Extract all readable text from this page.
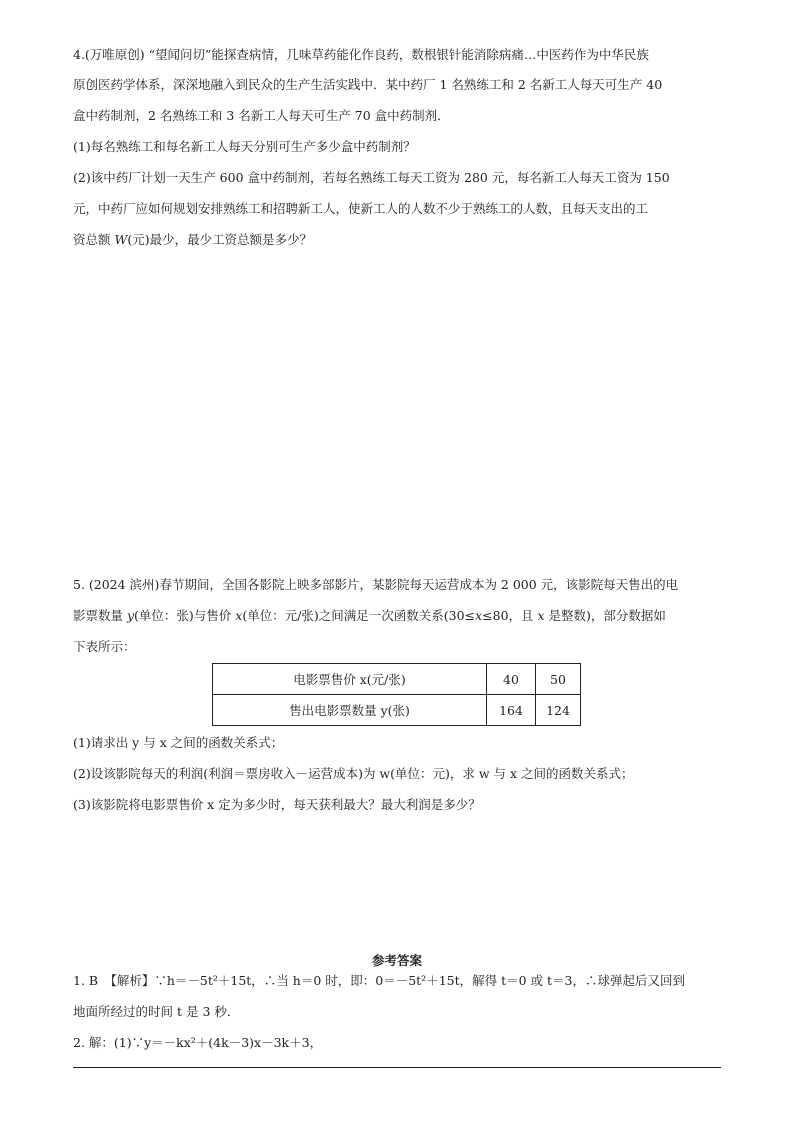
4.(万唯原创) “望闻问切”能探查病情，几味草药能化作良药，数根银针能消除病痛…中医药作为中华民族
原创医药学体系，深深地融入到民众的生产生活实践中．某中药厂 1 名熟练工和 2 名新工人每天可生产 40
盒中药制剂，2 名熟练工和 3 名新工人每天可生产 70 盒中药制剂．
(1)每名熟练工和每名新工人每天分别可生产多少盒中药制剂？
(2)该中药厂计划一天生产 600 盒中药制剂，若每名熟练工每天工资为 280 元，每名新工人每天工资为 150
元，中药厂应如何规划安排熟练工和招聘新工人，使新工人的人数不少于熟练工的人数，且每天支出的工
资总额 W(元)最少，最少工资总额是多少？
5. (2024 滨州)春节期间，全国各影院上映多部影片，某影院每天运营成本为 2 000 元，该影院每天售出的电
影票数量 y(单位：张)与售价 x(单位：元/张)之间满足一次函数关系(30≤x≤80，且 x 是整数)，部分数据如
下表所示：
电影票售价 x(元/张)	40	50
售出电影票数量 y(张)	164	124
(1)请求出 y 与 x 之间的函数关系式；
(2)设该影院每天的利润(利润＝票房收入－运营成本)为 w(单位：元)，求 w 与 x 之间的函数关系式；
(3)该影院将电影票售价 x 定为多少时，每天获利最大？最大利润是多少？
参考答案
1. B　【解析】∵h＝－5t²＋15t，∴当 h＝0 时，即：0＝－5t²＋15t，解得 t＝0 或 t＝3，∴球弹起后又回到
地面所经过的时间 t 是 3 秒．
2. 解：(1)∵y＝－kx²＋(4k－3)x－3k＋3，
